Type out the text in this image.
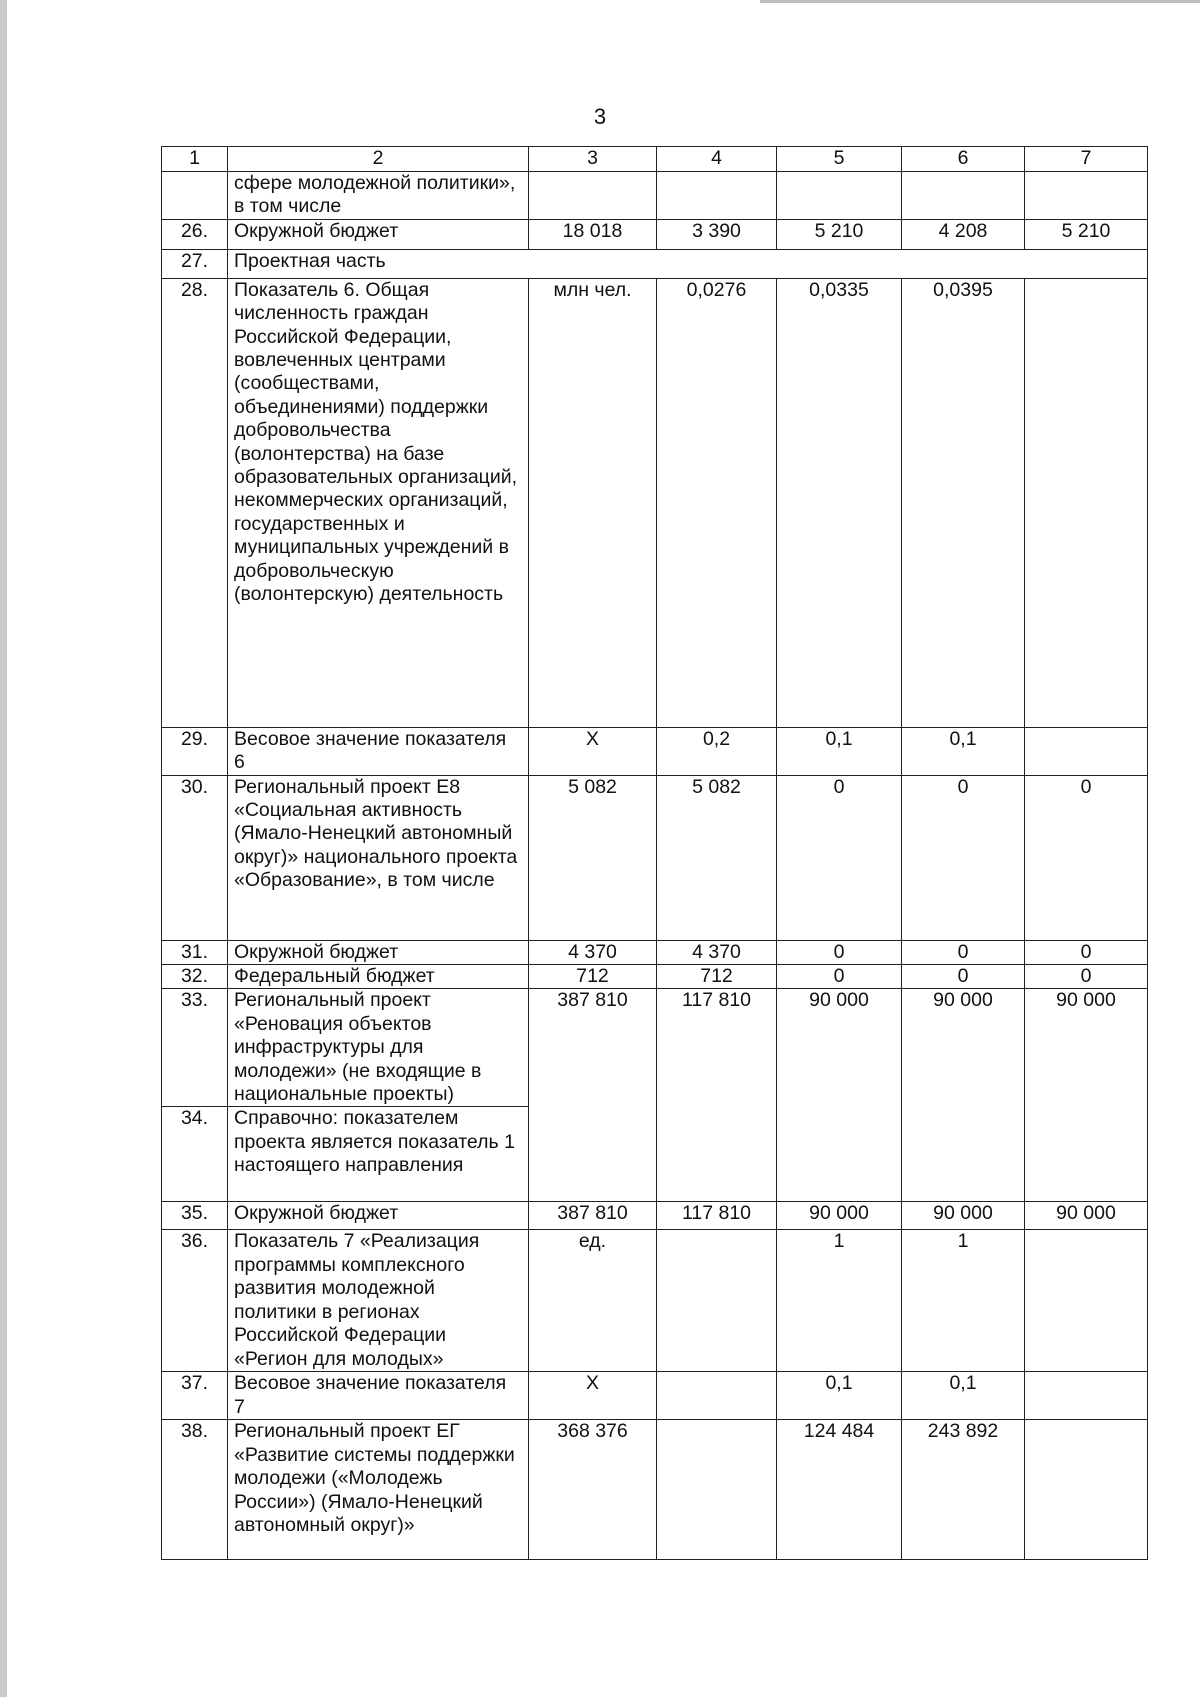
3
1	2	3	4	5	6	7
	сфере молодежной политики», в том числе					
26.	Окружной бюджет	18 018	3 390	5 210	4 208	5 210
27.	Проектная часть					
28.	Показатель 6. Общая численность граждан Российской Федерации, вовлеченных центрами (сообществами, объединениями) поддержки добровольчества (волонтерства) на базе образовательных организаций, некоммерческих организаций, государственных и муниципальных учреждений в добровольческую (волонтерскую) деятельность	млн чел.	0,0276	0,0335	0,0395	
29.	Весовое значение показателя 6	X	0,2	0,1	0,1	
30.	Региональный проект Е8 «Социальная активность (Ямало-Ненецкий автономный округ)» национального проекта «Образование», в том числе	5 082	5 082	0	0	0
31.	Окружной бюджет	4 370	4 370	0	0	0
32.	Федеральный бюджет	712	712	0	0	0
33.	Региональный проект «Реновация объектов инфраструктуры для молодежи» (не входящие в национальные проекты)	387 810	117 810	90 000	90 000	90 000
34.	Справочно: показателем проекта является показатель 1 настоящего направления					
35.	Окружной бюджет	387 810	117 810	90 000	90 000	90 000
36.	Показатель 7 «Реализация программы комплексного развития молодежной политики в регионах Российской Федерации «Регион для молодых»	ед.		1	1	
37.	Весовое значение показателя 7	X		0,1	0,1	
38.	Региональный проект ЕГ «Развитие системы поддержки молодежи («Молодежь России») (Ямало-Ненецкий автономный округ)»	368 376		124 484	243 892	
